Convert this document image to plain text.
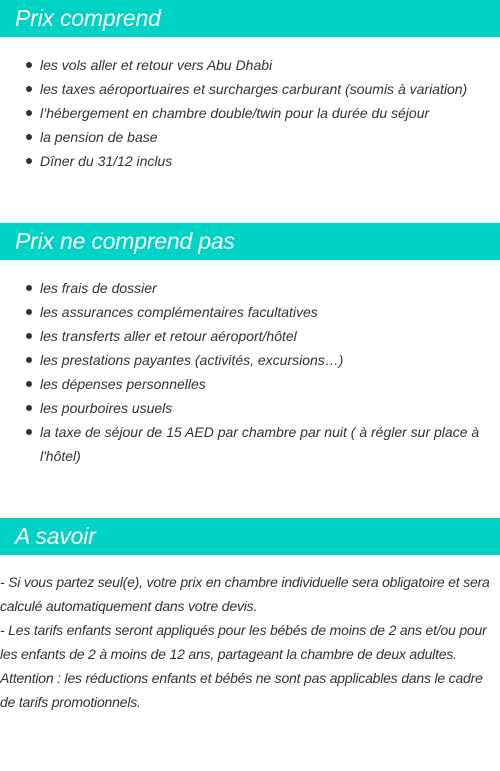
Prix comprend
les vols aller et retour vers Abu Dhabi
les taxes aéroportuaires et surcharges carburant (soumis à variation)
l’hébergement en chambre double/twin pour la durée du séjour
la pension de base
Dîner du 31/12 inclus
Prix ne comprend pas
les frais de dossier
les assurances complémentaires facultatives
les transferts aller et retour aéroport/hôtel
les prestations payantes (activités, excursions…)
les dépenses personnelles
les pourboires usuels
la taxe de séjour de 15 AED par chambre par nuit ( à régler sur place à l'hôtel)
A savoir

- Si vous partez seul(e), votre prix en chambre individuelle sera obligatoire et sera calculé automatiquement dans votre devis.

- Les tarifs enfants seront appliqués pour les bébés de moins de 2 ans et/ou pour les enfants de 2 à moins de 12 ans, partageant la chambre de deux adultes.

Attention : les réductions enfants et bébés ne sont pas applicables dans le cadre de tarifs promotionnels.
